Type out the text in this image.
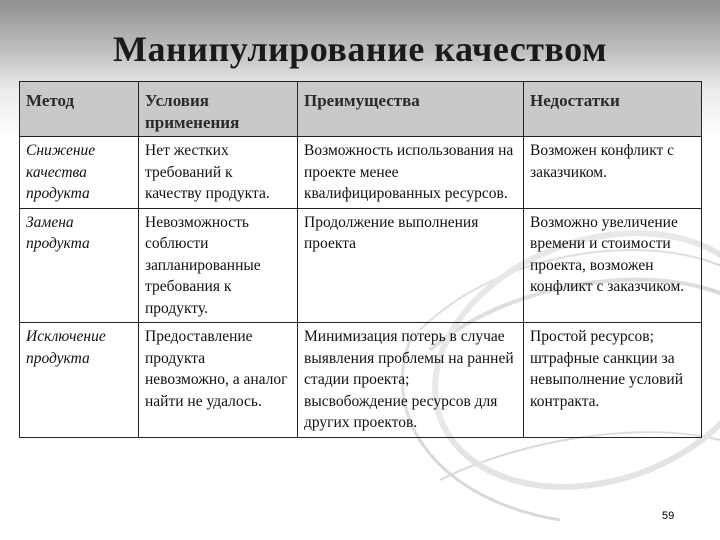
Манипулирование качеством
Метод	Условия применения	Преимущества	Недостатки
Снижение качества продукта	Нет жестких требований к качеству продукта.	Возможность использования на проекте менее квалифицированных ресурсов.	Возможен конфликт с заказчиком.
Замена продукта	Невозможность соблюсти запланированные требования к продукту.	Продолжение выполнения проекта	Возможно увеличение времени и стоимости проекта, возможен конфликт с заказчиком.
Исключение продукта	Предоставление продукта невозможно, а аналог найти не удалось.	Минимизация потерь в случае выявления проблемы на ранней стадии проекта; высвобождение ресурсов для других проектов.	Простой ресурсов; штрафные санкции за невыполнение условий контракта.
59
